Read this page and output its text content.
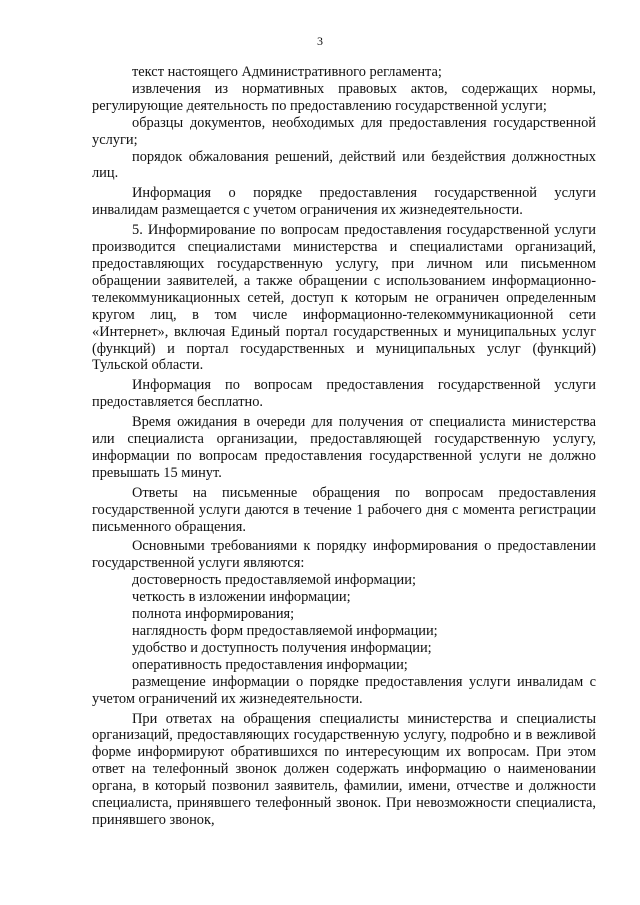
3

текст настоящего Административного регламента;

извлечения из нормативных правовых актов, содержащих нормы, регулирующие деятельность по предоставлению государственной услуги;

образцы документов, необходимых для предоставления государственной услуги;

порядок обжалования решений, действий или бездействия должностных лиц.

Информация о порядке предоставления государственной услуги инвалидам размещается с учетом ограничения их жизнедеятельности.

5. Информирование по вопросам предоставления государственной услуги производится специалистами министерства и специалистами организаций, предоставляющих государственную услугу, при личном или письменном обращении заявителей, а также обращении с использованием информационно-телекоммуникационных сетей, доступ к которым не ограничен определенным кругом лиц, в том числе информационно-телекоммуникационной сети «Интернет», включая Единый портал государственных и муниципальных услуг (функций) и портал государственных и муниципальных услуг (функций) Тульской области.

Информация по вопросам предоставления государственной услуги предоставляется бесплатно.

Время ожидания в очереди для получения от специалиста министерства или специалиста организации, предоставляющей государственную услугу, информации по вопросам предоставления государственной услуги не должно превышать 15 минут.

Ответы на письменные обращения по вопросам предоставления государственной услуги даются в течение 1 рабочего дня с момента регистрации письменного обращения.

Основными требованиями к порядку информирования о предоставлении государственной услуги являются:

достоверность предоставляемой информации;

четкость в изложении информации;

полнота информирования;

наглядность форм предоставляемой информации;

удобство и доступность получения информации;

оперативность предоставления информации;

размещение информации о порядке предоставления услуги инвалидам с учетом ограничений их жизнедеятельности.

При ответах на обращения специалисты министерства и специалисты организаций, предоставляющих государственную услугу, подробно и в вежливой форме информируют обратившихся по интересующим их вопросам. При этом ответ на телефонный звонок должен содержать информацию о наименовании органа, в который позвонил заявитель, фамилии, имени, отчестве и должности специалиста, принявшего телефонный звонок. При невозможности специалиста, принявшего звонок,
